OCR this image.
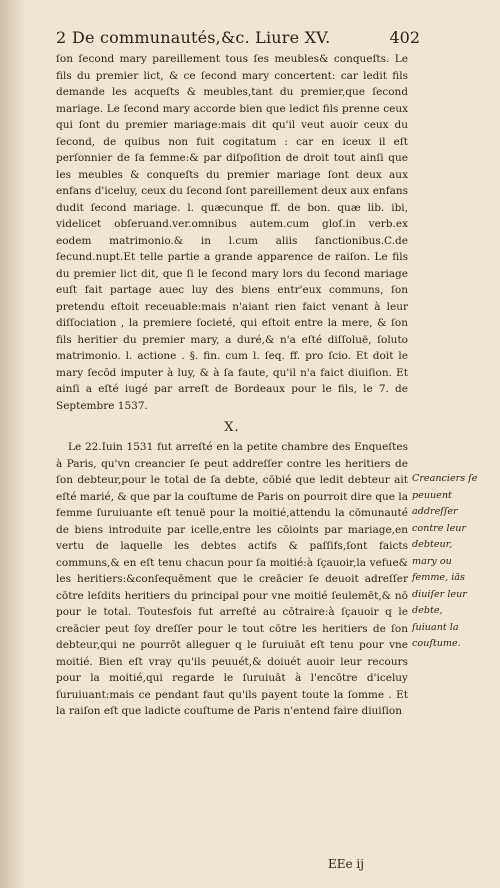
2 De communautés,&c. Liure XV.	402

ſon ſecond mary pareillement tous ſes meubles& conqueſts. Le fils du premier lict, & ce ſecond mary concertent: car ledit fils demande les acqueſts & meubles,tant du premier,que ſecond mariage. Le ſecond mary accorde bien que ledict fils prenne ceux qui ſont du premier mariage:mais dit qu'il veut auoir ceux du ſecond, de quibus non fuit cogitatum : car en iceux il eſt perſonnier de ſa femme:& par diſpoſition de droit tout ainſi que les meubles & conqueſts du premier mariage ſont deux aux enfans d'iceluy, ceux du ſecond ſont pareillement deux aux enfans dudit ſecond mariage. l. quæcunque ff. de bon. quæ lib. ibi, videlicet obſeruand.ver.omnibus autem.cum gloſ.in verb.ex eodem matrimonio.& in l.cum aliis ſanctionibus.C.de ſecund.nupt.Et telle partie a grande apparence de raiſon. Le fils du premier lict dit, que ſi le ſecond mary lors du ſecond mariage euſt fait partage auec luy des biens entr'eux communs, ſon pretendu eſtoit receuable:mais n'aiant rien faict venant à leur diſſociation , la premiere ſocieté, qui eſtoit entre la mere, & ſon fils heritier du premier mary, a duré,& n'a eſté diſſoluë, ſoluto matrimonio. l. actione . §. fin. cum l. ſeq. ff. pro ſcio. Et doit le mary ſecōd imputer à luy, & à ſa faute, qu'il n'a faict diuiſion. Et ainſi a eſté iugé par arreſt de Bordeaux pour le fils, le 7. de Septembre 1537.

X.

Le 22.Iuin 1531 fut arreſté en la petite chambre des Enqueſtes à Paris, qu'vn creancier ſe peut addreſſer contre les heritiers de ſon debteur,pour le total de ſa debte, cōbié que ledit debteur ait eſté marié, & que par la couſtume de Paris on pourroit dire que la femme ſuruiuante eſt tenuë pour la moitié,attendu la cōmunauté de biens introduite par icelle,entre les cōioints par mariage,en vertu de laquelle les debtes actifs & paſſifs,ſont faicts communs,& en eſt tenu chacun pour ſa moitié:à ſçauoir,la vefue& les heritiers:&conſequēment que le creācier ſe deuoit adreſſer cōtre leſdits heritiers du principal pour vne moitié ſeulemēt,& nō pour le total. Toutesfois fut arreſté au cōtraire:à ſçauoir q le creācier peut ſoy dreſſer pour le tout cōtre les heritiers de ſon debteur,qui ne pourrōt alleguer q le ſuruiuāt eſt tenu pour vne moitié. Bien eſt vray qu'ils peuuét,& doiuét auoir leur recours pour la moitié,qui regarde le ſuruiuāt à l'encōtre d'iceluy ſuruiuant:mais ce pendant faut qu'ils payent toute la ſomme . Et la raiſon eſt que ladicte couſtume de Paris n'entend faire diuiſion

Creanciers ſe peuuent addreſſer contre leur debteur, mary ou femme, iās diuiſer leur debte, ſuiuant la couſtume.
EEe ij
